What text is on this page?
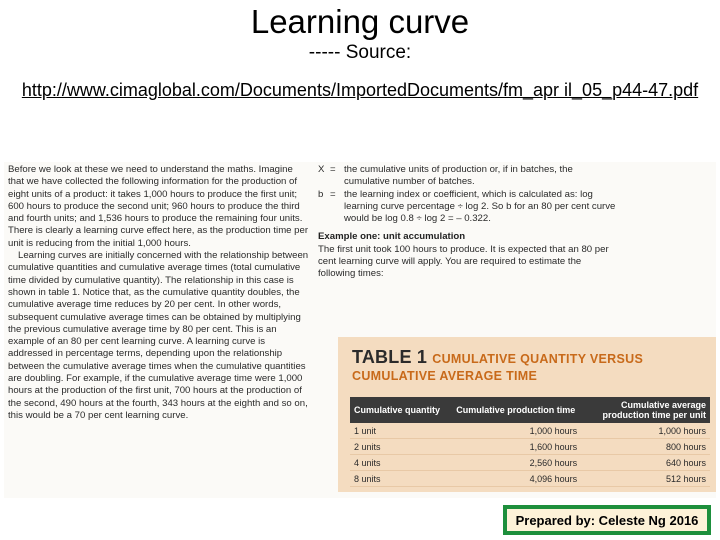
Learning curve
----- Source:
http://www.cimaglobal.com/Documents/ImportedDocuments/fm_apr il_05_p44-47.pdf

Before we look at these we need to understand the maths. Imagine that we have collected the following information for the production of eight units of a product: it takes 1,000 hours to produce the first unit; 600 hours to produce the second unit; 960 hours to produce the third and fourth units; and 1,536 hours to produce the remaining four units. There is clearly a learning curve effect here, as the production time per unit is reducing from the initial 1,000 hours.

Learning curves are initially concerned with the relationship between cumulative quantities and cumulative average times (total cumulative time divided by cumulative quantity). The relationship in this case is shown in table 1. Notice that, as the cumulative quantity doubles, the cumulative average time reduces by 20 per cent. In other words, subsequent cumulative average times can be obtained by multiplying the previous cumulative average time by 80 per cent. This is an example of an 80 per cent learning curve. A learning curve is addressed in percentage terms, depending upon the relationship between the cumulative average times when the cumulative quantities are doubling. For example, if the cumulative average time were 1,000 hours at the production of the first unit, 700 hours at the production of the second, 490 hours at the fourth, 343 hours at the eighth and so on, this would be a 70 per cent learning curve.

X = the cumulative units of production or, if in batches, the cumulative number of batches.
b = the learning index or coefficient, which is calculated as: log learning curve percentage ÷ log 2. So b for an 80 per cent curve would be log 0.8 ÷ log 2 = – 0.322.
Example one: unit accumulation

The first unit took 100 hours to produce. It is expected that an 80 per cent learning curve will apply. You are required to estimate the following times:

TABLE 1 CUMULATIVE QUANTITY VERSUS
CUMULATIVE AVERAGE TIME
Cumulative quantity	Cumulative production time	Cumulative average production time per unit
1 unit	1,000 hours	1,000 hours
2 units	1,600 hours	800 hours
4 units	2,560 hours	640 hours
8 units	4,096 hours	512 hours
Prepared by: Celeste Ng 2016
